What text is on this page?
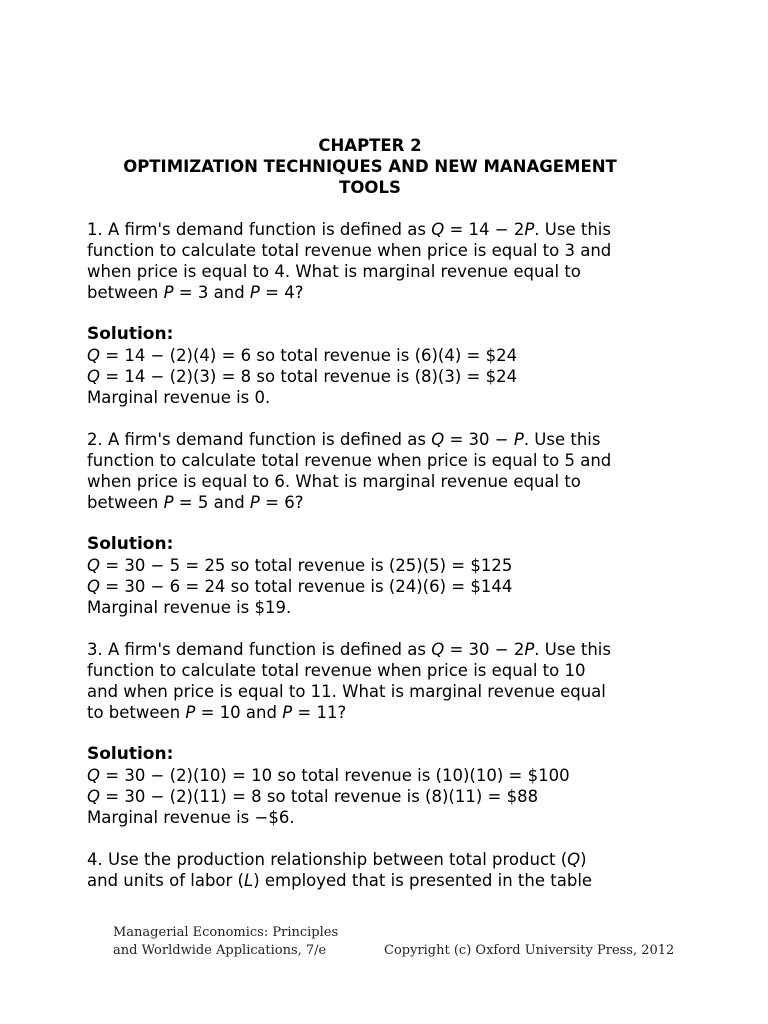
CHAPTER 2
OPTIMIZATION TECHNIQUES AND NEW MANAGEMENT
TOOLS
1. A firm's demand function is defined as Q = 14 − 2P. Use this
function to calculate total revenue when price is equal to 3 and
when price is equal to 4. What is marginal revenue equal to
between P = 3 and P = 4?
Solution:
Q = 14 − (2)(4) = 6 so total revenue is (6)(4) = $24
Q = 14 − (2)(3) = 8 so total revenue is (8)(3) = $24
Marginal revenue is 0.
2. A firm's demand function is defined as Q = 30 − P. Use this
function to calculate total revenue when price is equal to 5 and
when price is equal to 6. What is marginal revenue equal to
between P = 5 and P = 6?
Solution:
Q = 30 − 5 = 25 so total revenue is (25)(5) = $125
Q = 30 − 6 = 24 so total revenue is (24)(6) = $144
Marginal revenue is $19.
3. A firm's demand function is defined as Q = 30 − 2P. Use this
function to calculate total revenue when price is equal to 10
and when price is equal to 11. What is marginal revenue equal
to between P = 10 and P = 11?
Solution:
Q = 30 − (2)(10) = 10 so total revenue is (10)(10) = $100
Q = 30 − (2)(11) = 8 so total revenue is (8)(11) = $88
Marginal revenue is −$6.
4. Use the production relationship between total product (Q)
and units of labor (L) employed that is presented in the table
Managerial Economics: Principles
and Worldwide Applications, 7/e	Copyright (c) Oxford University Press, 2012
